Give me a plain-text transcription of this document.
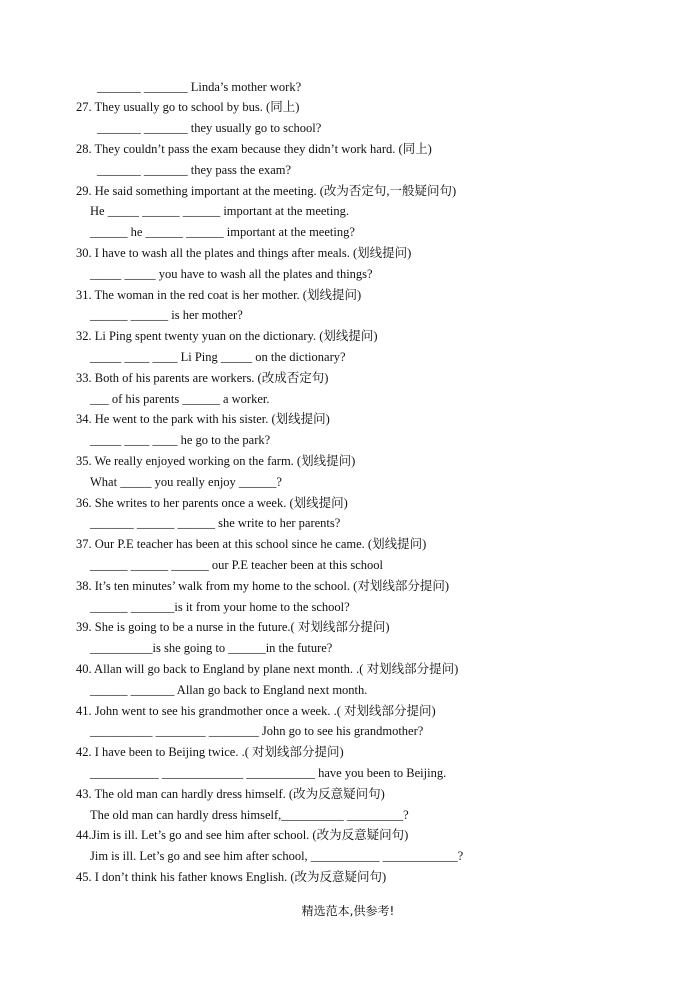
_______ _______ Linda’s mother work?
27. They usually go to school by bus. (同上)
_______ _______ they usually go to school?
28. They couldn’t pass the exam because they didn’t work hard. (同上)
_______ _______ they pass the exam?
29. He said something important at the meeting. (改为否定句,一般疑问句)
He _____ ______ ______ important at the meeting.
______ he ______ ______ important at the meeting?
30. I have to wash all the plates and things after meals. (划线提问)
_____ _____ you have to wash all the plates and things?
31. The woman in the red coat is her mother. (划线提问)
______ ______ is her mother?
32. Li Ping spent twenty yuan on the dictionary. (划线提问)
_____ ____ ____ Li Ping _____ on the dictionary?
33. Both of his parents are workers. (改成否定句)
___ of his parents ______ a worker.
34. He went to the park with his sister. (划线提问)
_____ ____ ____ he go to the park?
35. We really enjoyed working on the farm. (划线提问)
What _____ you really enjoy ______?
36. She writes to her parents once a week. (划线提问)
_______ ______ ______ she write to her parents?
37. Our P.E teacher has been at this school since he came. (划线提问)
______ ______ ______ our P.E teacher been at this school
38. It’s ten minutes’ walk from my home to the school. (对划线部分提问)
______ _______is it from your home to the school?
39. She is going to be a nurse in the future.( 对划线部分提问)
__________is she going to ______in the future?
40. Allan will go back to England by plane next month. .( 对划线部分提问)
______ _______ Allan go back to England next month.
41. John went to see his grandmother once a week. .( 对划线部分提问)
__________ ________ ________ John go to see his grandmother?
42. I have been to Beijing twice. .( 对划线部分提问)
___________ _____________ ___________ have you been to Beijing.
43. The old man can hardly dress himself. (改为反意疑问句)
The old man can hardly dress himself,__________ _________?
44.Jim is ill. Let’s go and see him after school. (改为反意疑问句)
Jim is ill. Let’s go and see him after school, ___________ ____________?
45. I don’t think his father knows English. (改为反意疑问句)
精选范本,供参考!
